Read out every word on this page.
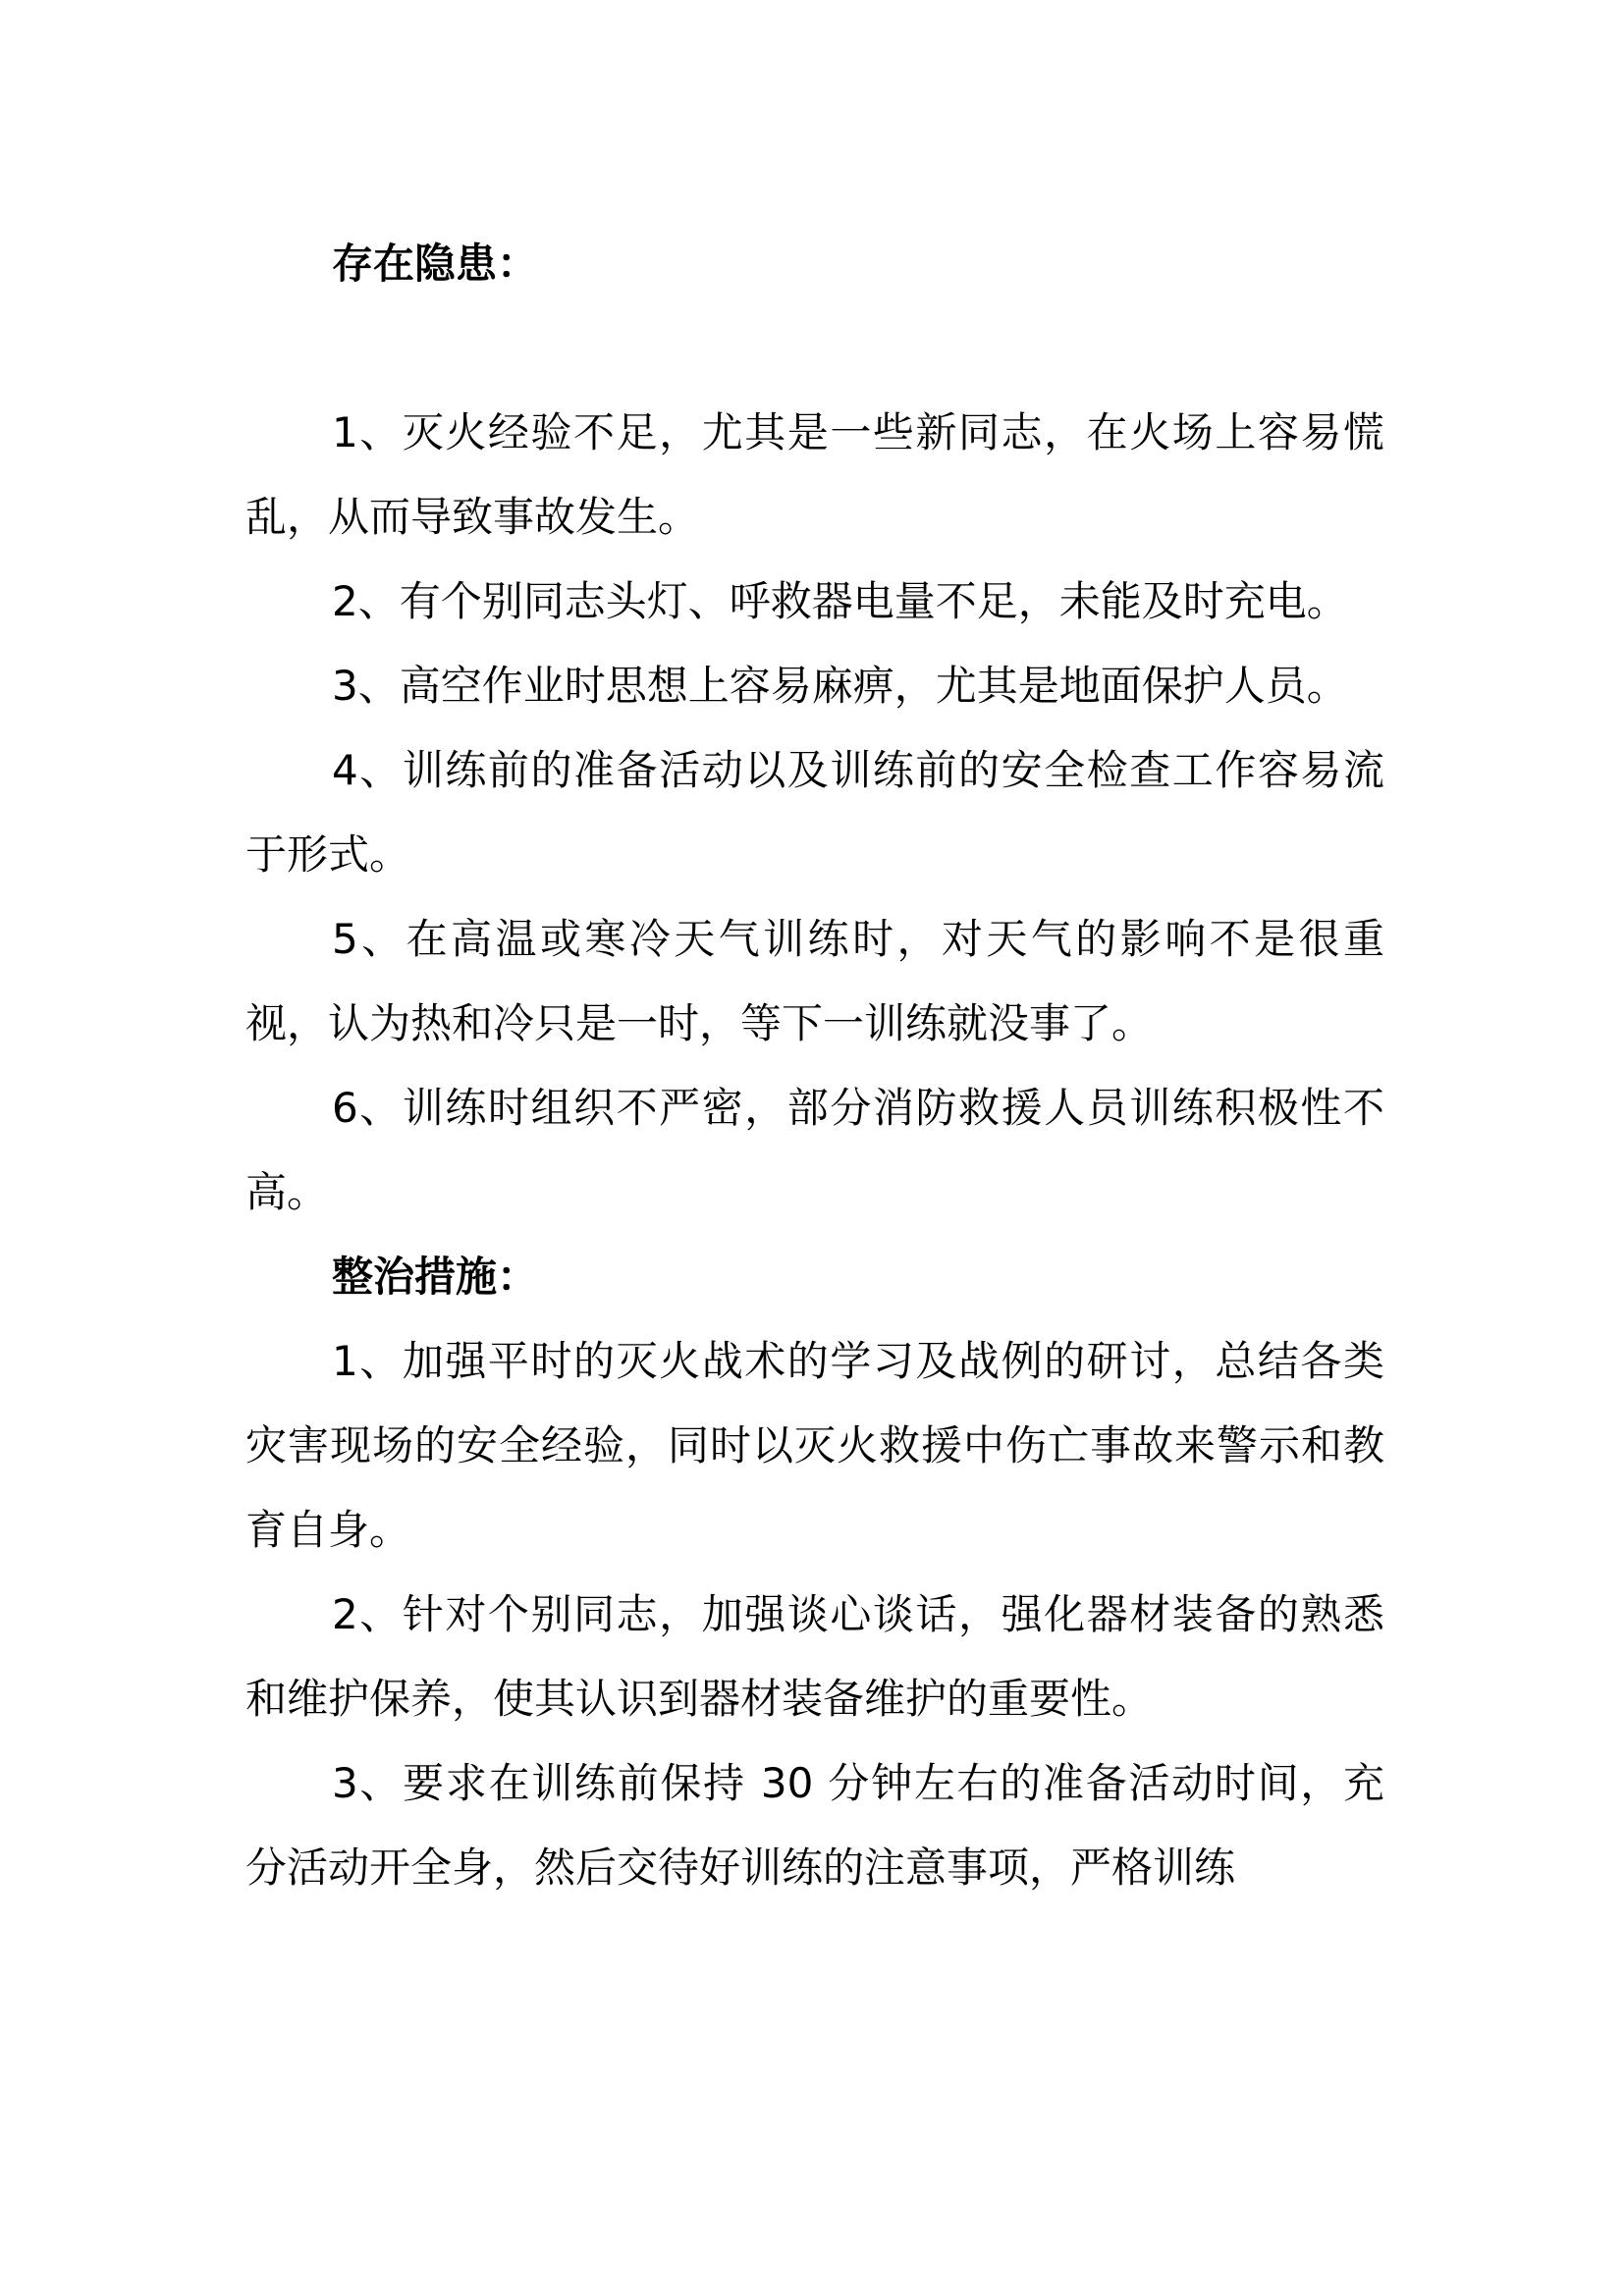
存在隐患：

1、灭火经验不足，尤其是一些新同志，在火场上容易慌乱，从而导致事故发生。

2、有个别同志头灯、呼救器电量不足，未能及时充电。

3、高空作业时思想上容易麻痹，尤其是地面保护人员。

4、训练前的准备活动以及训练前的安全检查工作容易流于形式。

5、在高温或寒冷天气训练时，对天气的影响不是很重视，认为热和冷只是一时，等下一训练就没事了。

6、训练时组织不严密，部分消防救援人员训练积极性不高。

整治措施：

1、加强平时的灭火战术的学习及战例的研讨，总结各类灾害现场的安全经验，同时以灭火救援中伤亡事故来警示和教育自身。

2、针对个别同志，加强谈心谈话，强化器材装备的熟悉和维护保养，使其认识到器材装备维护的重要性。

3、要求在训练前保持 30 分钟左右的准备活动时间，充分活动开全身，然后交待好训练的注意事项，严格训练
